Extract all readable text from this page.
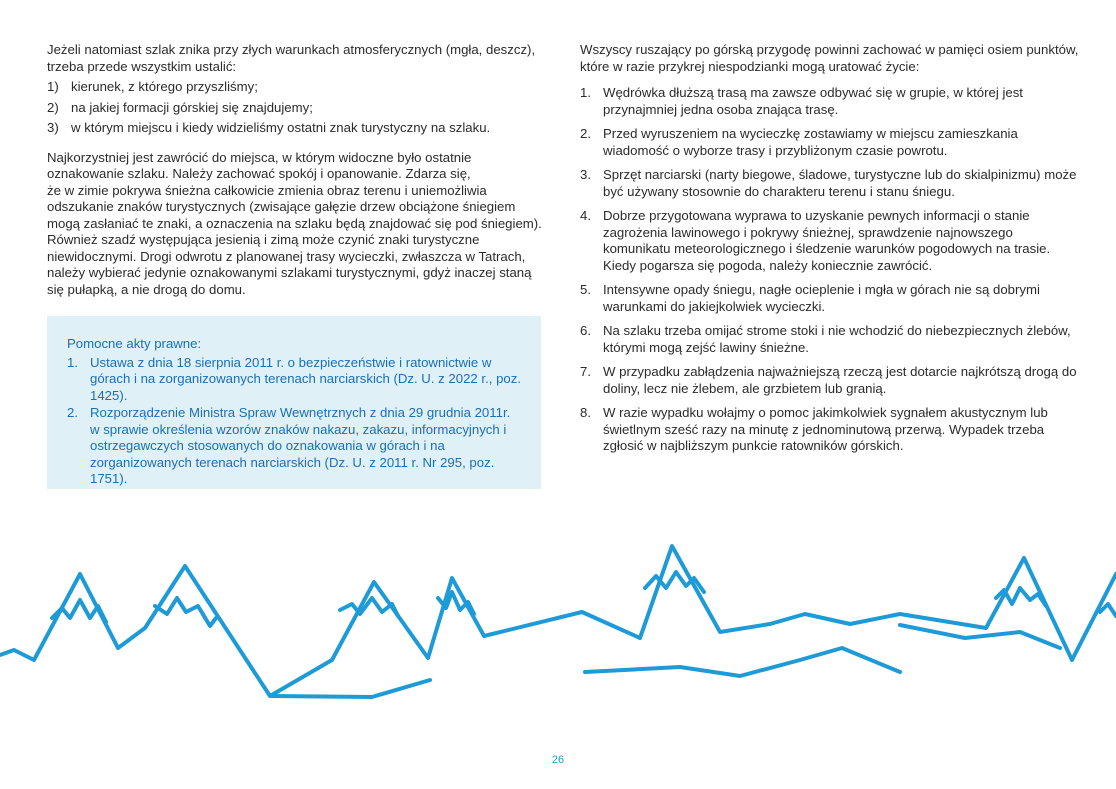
Jeżeli natomiast szlak znika przy złych warunkach atmosferycznych (mgła, deszcz), trzeba przede wszystkim ustalić:

1) kierunek, z którego przyszliśmy;
2) na jakiej formacji górskiej się znajdujemy;
3) w którym miejscu i kiedy widzieliśmy ostatni znak turystyczny na szlaku.

Najkorzystniej jest zawrócić do miejsca, w którym widoczne było ostatnie
oznakowanie szlaku. Należy zachować spokój i opanowanie. Zdarza się,
że w zimie pokrywa śnieżna całkowicie zmienia obraz terenu i uniemożliwia
odszukanie znaków turystycznych (zwisające gałęzie drzew obciążone śniegiem
mogą zasłaniać te znaki, a oznaczenia na szlaku będą znajdować się pod śniegiem).
Również szadź występująca jesienią i zimą może czynić znaki turystyczne
niewidocznymi. Drogi odwrotu z planowanej trasy wycieczki, zwłaszcza w Tatrach,
należy wybierać jedynie oznakowanymi szlakami turystycznymi, gdyż inaczej staną
się pułapką, a nie drogą do domu.

Pomocne akty prawne:

1. Ustawa z dnia 18 sierpnia 2011 r. o bezpieczeństwie i ratownictwie w górach i na zorganizowanych terenach narciarskich (Dz. U. z 2022 r., poz. 1425).
2. Rozporządzenie Ministra Spraw Wewnętrznych z dnia 29 grudnia 2011r. w sprawie określenia wzorów znaków nakazu, zakazu, informacyjnych i ostrzegawczych stosowanych do oznakowania w górach i na zorganizowanych terenach narciarskich (Dz. U. z 2011 r. Nr 295, poz. 1751).

Wszyscy ruszający po górską przygodę powinni zachować w pamięci osiem punktów, które w razie przykrej niespodzianki mogą uratować życie:

1. Wędrówka dłuższą trasą ma zawsze odbywać się w grupie, w której jest przynajmniej jedna osoba znająca trasę.
2. Przed wyruszeniem na wycieczkę zostawiamy w miejscu zamieszkania wiadomość o wyborze trasy i przybliżonym czasie powrotu.
3. Sprzęt narciarski (narty biegowe, śladowe, turystyczne lub do skialpinizmu) może być używany stosownie do charakteru terenu i stanu śniegu.
4. Dobrze przygotowana wyprawa to uzyskanie pewnych informacji o stanie zagrożenia lawinowego i pokrywy śnieżnej, sprawdzenie najnowszego komunikatu meteorologicznego i śledzenie warunków pogodowych na trasie. Kiedy pogarsza się pogoda, należy koniecznie zawrócić.
5. Intensywne opady śniegu, nagłe ocieplenie i mgła w górach nie są dobrymi warunkami do jakiejkolwiek wycieczki.
6. Na szlaku trzeba omijać strome stoki i nie wchodzić do niebezpiecznych żlebów, którymi mogą zejść lawiny śnieżne.
7. W przypadku zabłądzenia najważniejszą rzeczą jest dotarcie najkrótszą drogą do doliny, lecz nie żlebem, ale grzbietem lub granią.
8. W razie wypadku wołajmy o pomoc jakimkolwiek sygnałem akustycznym lub świetlnym sześć razy na minutę z jednominutową przerwą. Wypadek trzeba zgłosić w najbliższym punkcie ratowników górskich.
26
